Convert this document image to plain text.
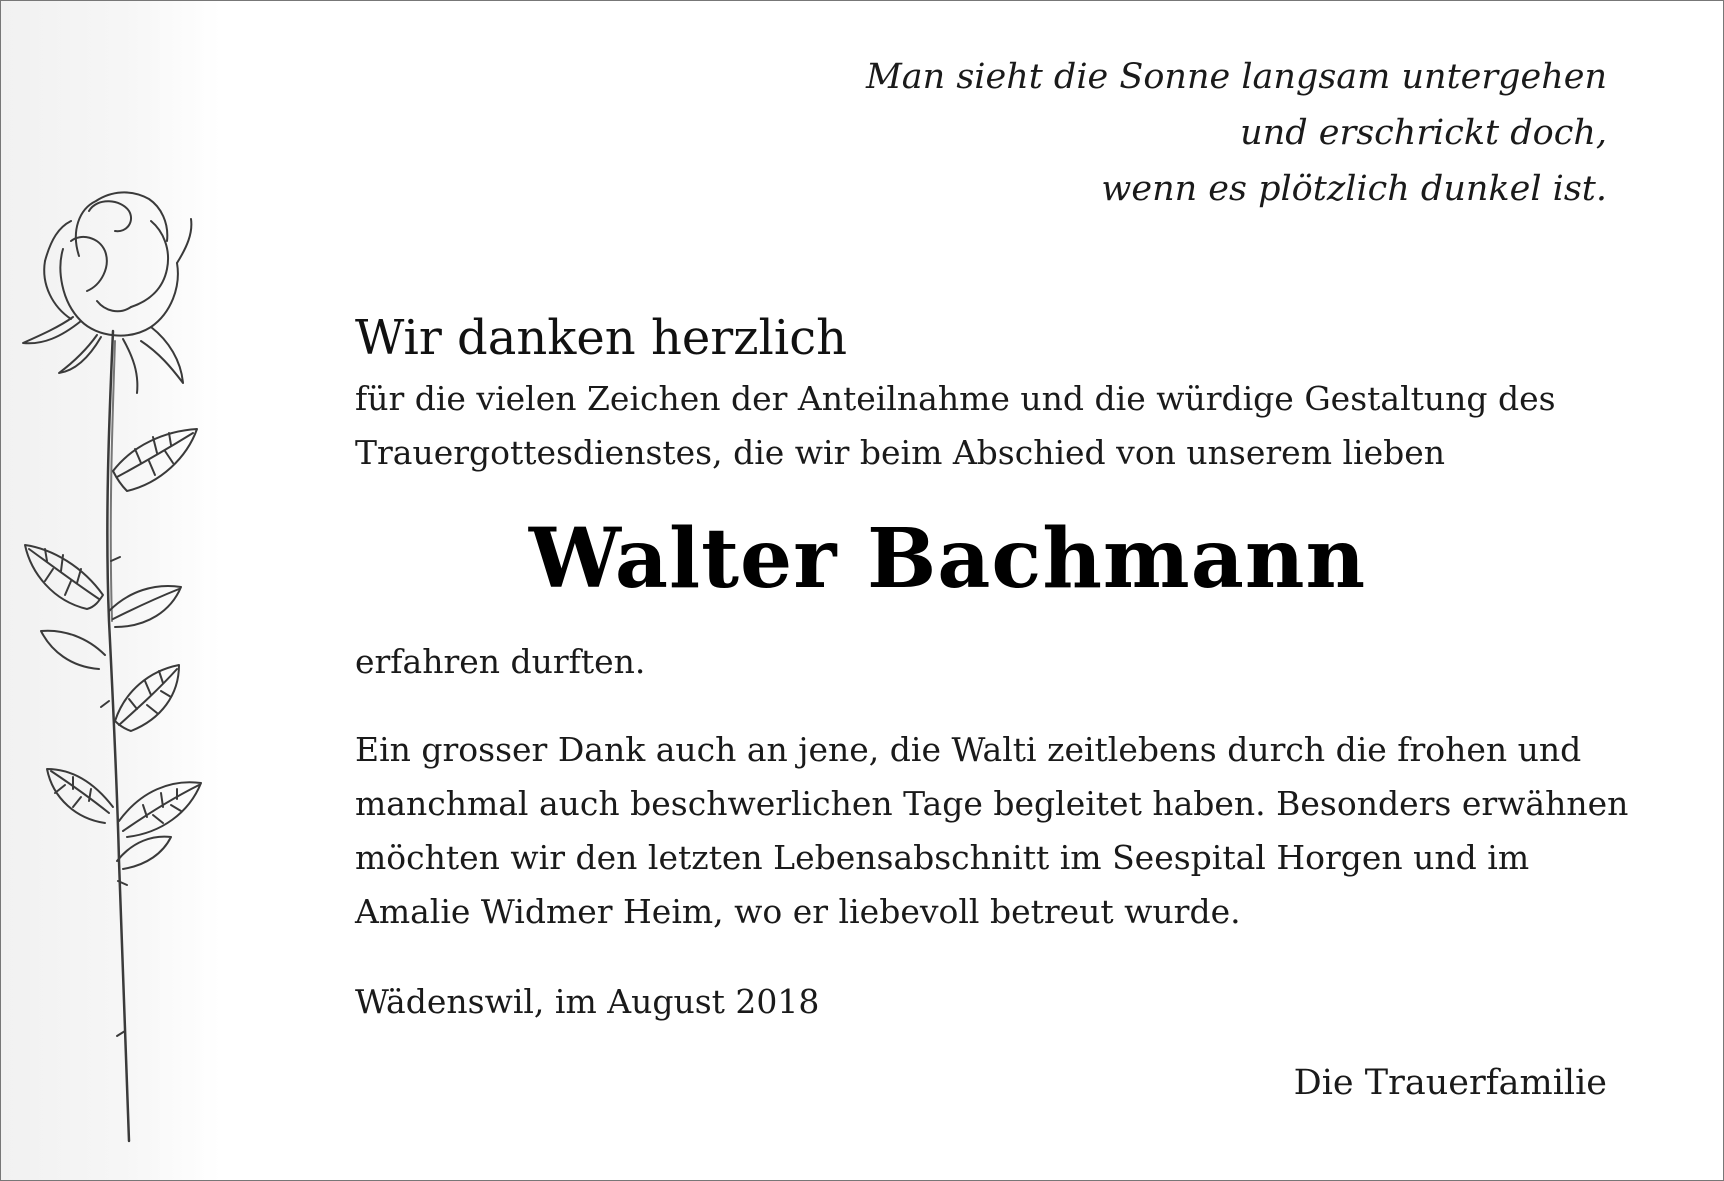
Man sieht die Sonne langsam untergehen
und erschrickt doch,
wenn es plötzlich dunkel ist.
Wir danken herzlich
für die vielen Zeichen der Anteilnahme und die würdige Gestaltung des
Trauergottesdienstes, die wir beim Abschied von unserem lieben
Walter Bachmann
erfahren durften.
Ein grosser Dank auch an jene, die Walti zeitlebens durch die frohen und
manchmal auch beschwerlichen Tage begleitet haben. Besonders erwähnen
möchten wir den letzten Lebensabschnitt im Seespital Horgen und im
Amalie Widmer Heim, wo er liebevoll betreut wurde.
Wädenswil, im August 2018
Die Trauerfamilie
